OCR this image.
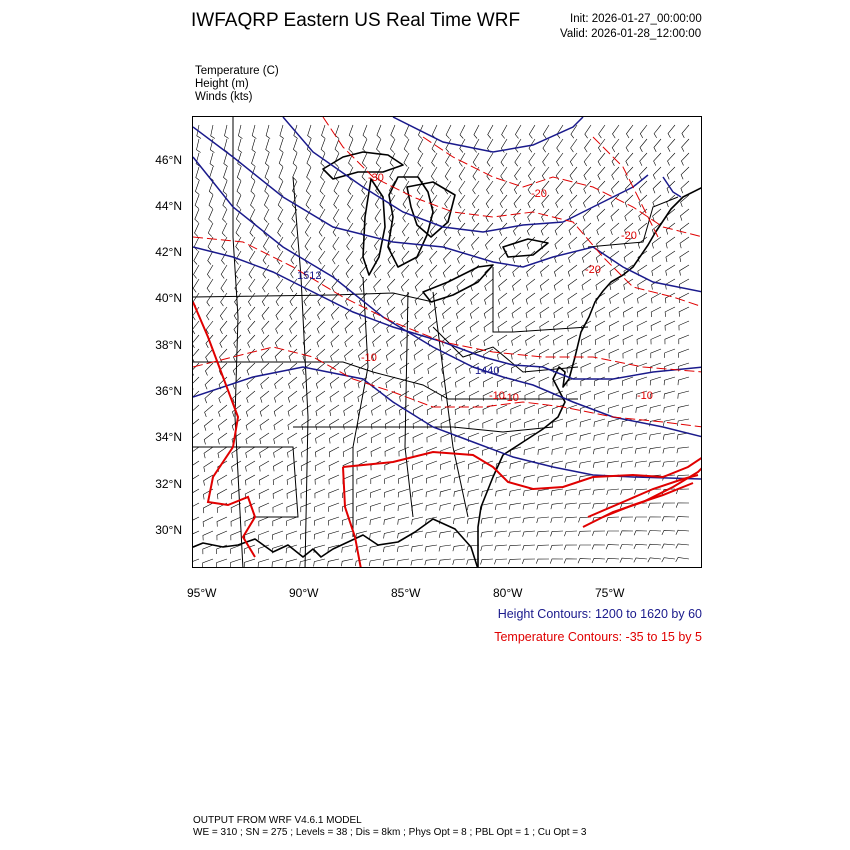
IWFAQRP Eastern US Real Time WRF	Init: 2026-01-27_00:00:00
Valid: 2026-01-28_12:00:00
Temperature (C)
Height (m)
Winds (kts)
1512
1440
-30
-20
-20
-20
-10
-10	-10
-10
46°N
44°N
42°N
40°N
38°N
36°N
34°N
32°N
30°N
95°W	90°W	85°W	80°W	75°W
Height Contours: 1200 to 1620 by 60
Temperature Contours: -35 to 15 by 5
OUTPUT FROM WRF V4.6.1 MODEL
WE = 310 ; SN = 275 ; Levels = 38 ; Dis = 8km ; Phys Opt = 8 ; PBL Opt = 1 ; Cu Opt = 3
